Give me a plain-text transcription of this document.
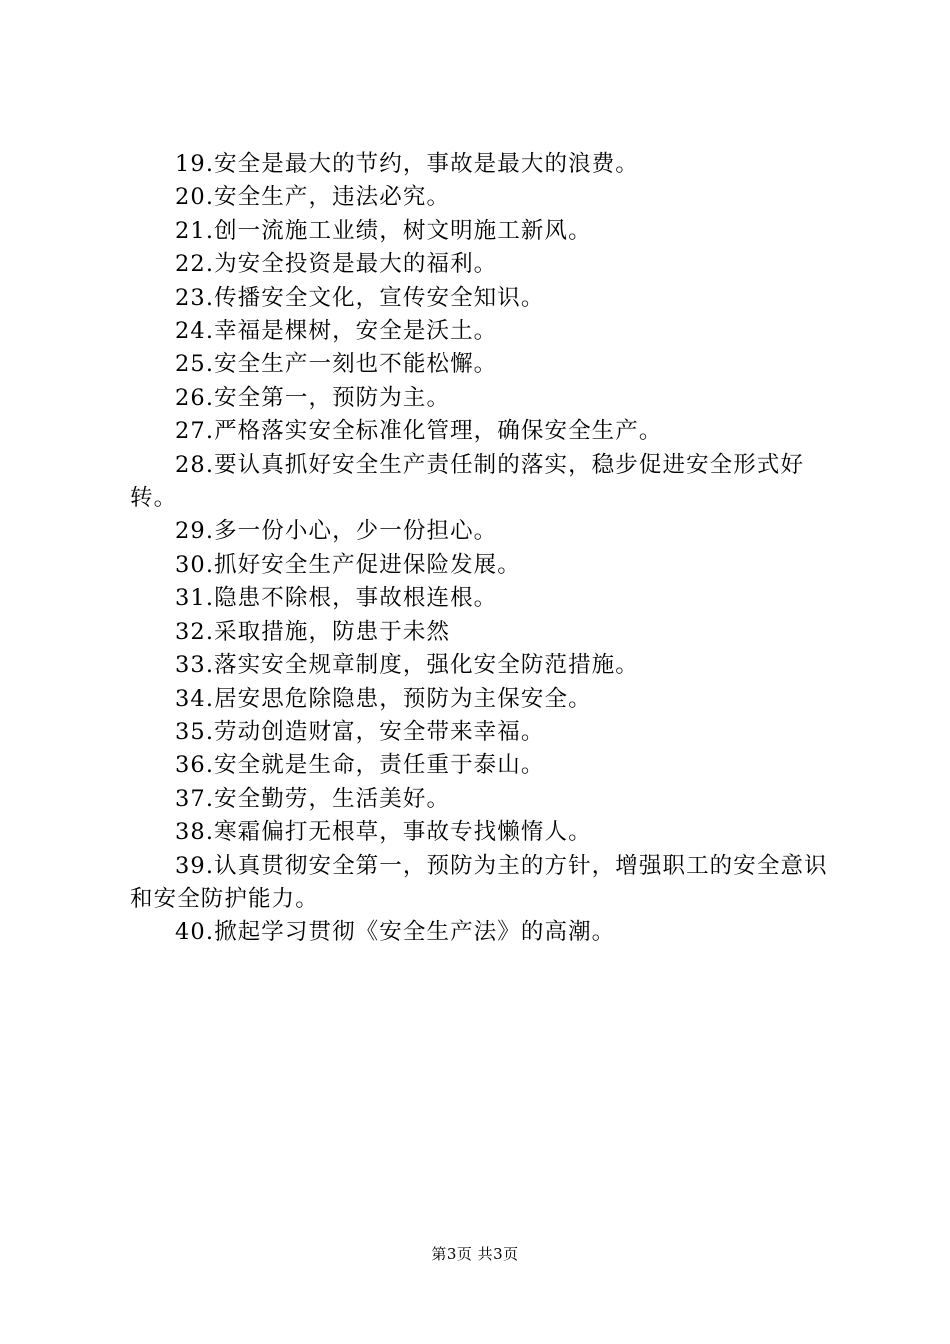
19.安全是最大的节约，事故是最大的浪费。

20.安全生产，违法必究。

21.创一流施工业绩，树文明施工新风。

22.为安全投资是最大的福利。

23.传播安全文化，宣传安全知识。

24.幸福是棵树，安全是沃土。

25.安全生产一刻也不能松懈。

26.安全第一，预防为主。

27.严格落实安全标准化管理，确保安全生产。

28.要认真抓好安全生产责任制的落实，稳步促进安全形式好转。

29.多一份小心，少一份担心。

30.抓好安全生产促进保险发展。

31.隐患不除根，事故根连根。

32.采取措施，防患于未然

33.落实安全规章制度，强化安全防范措施。

34.居安思危除隐患，预防为主保安全。

35.劳动创造财富，安全带来幸福。

36.安全就是生命，责任重于泰山。

37.安全勤劳，生活美好。

38.寒霜偏打无根草，事故专找懒惰人。

39.认真贯彻安全第一，预防为主的方针，增强职工的安全意识和安全防护能力。

40.掀起学习贯彻《安全生产法》的高潮。

第3页 共3页
